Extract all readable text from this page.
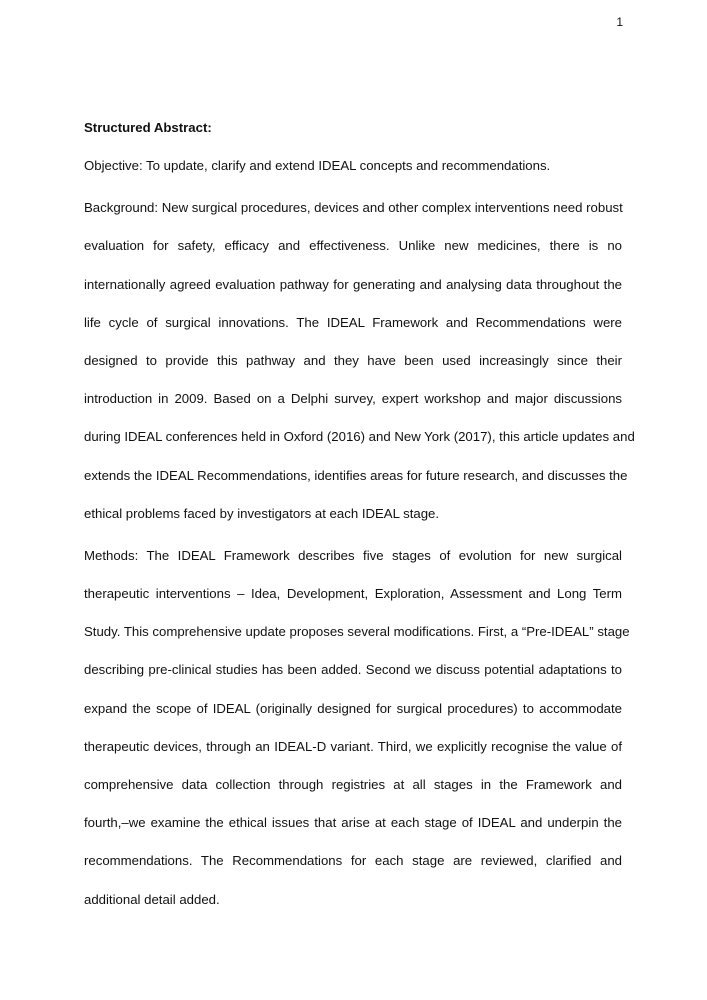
1
Structured Abstract:
Objective: To update, clarify and extend IDEAL concepts and recommendations.
Background: New surgical procedures, devices and other complex interventions need robust
evaluation for safety, efficacy and effectiveness. Unlike new medicines, there is no
internationally agreed evaluation pathway for generating and analysing data throughout the
life cycle of surgical innovations. The IDEAL Framework and Recommendations were
designed to provide this pathway and they have been used increasingly since their
introduction in 2009. Based on a Delphi survey, expert workshop and major discussions
during IDEAL conferences held in Oxford (2016) and New York (2017), this article updates and
extends the IDEAL Recommendations, identifies areas for future research, and discusses the
ethical problems faced by investigators at each IDEAL stage.
Methods: The IDEAL Framework describes five stages of evolution for new surgical
therapeutic interventions – Idea, Development, Exploration, Assessment and Long Term
Study. This comprehensive update proposes several modifications. First, a “Pre-IDEAL” stage
describing pre-clinical studies has been added. Second we discuss potential adaptations to
expand the scope of IDEAL (originally designed for surgical procedures) to accommodate
therapeutic devices, through an IDEAL-D variant. Third, we explicitly recognise the value of
comprehensive data collection through registries at all stages in the Framework and
fourth,–we examine the ethical issues that arise at each stage of IDEAL and underpin the
recommendations. The Recommendations for each stage are reviewed, clarified and
additional detail added.
